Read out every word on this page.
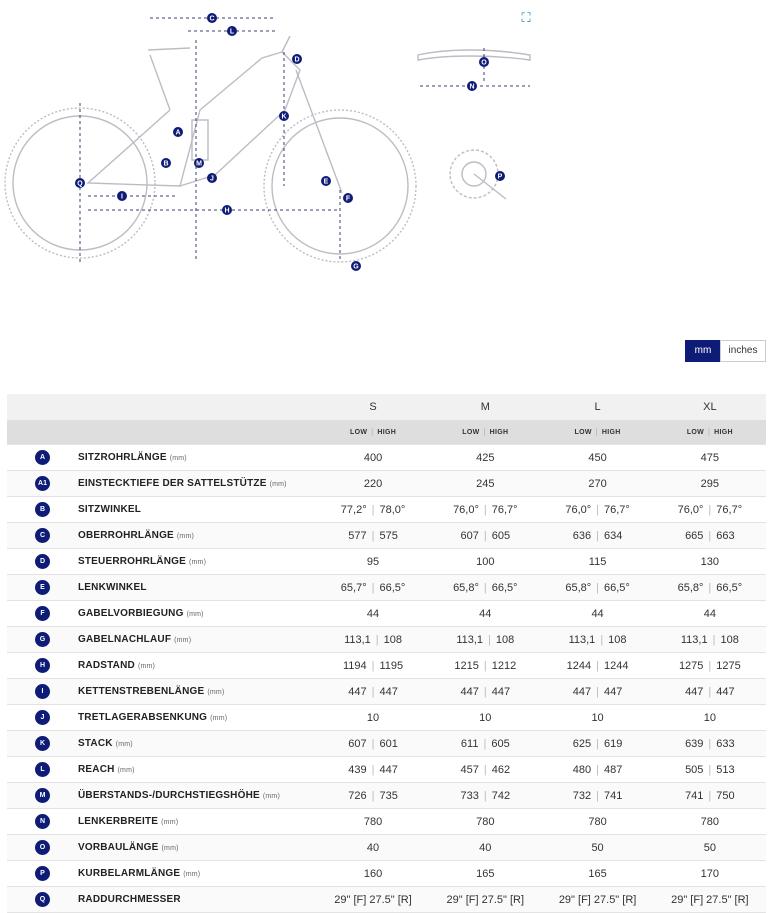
A
B
C
D
E
F
G
H
I
J
K
L
M
N
O
P
Q
⛶
mm	inches
		S	M	L	XL
		LOW | HIGH	LOW | HIGH	LOW | HIGH	LOW | HIGH
A	SITZROHRLÄNGE (mm)	400	425	450	475
A1	EINSTECKTIEFE DER SATTELSTÜTZE (mm)	220	245	270	295
B	SITZWINKEL	77,2° | 78,0°	76,0° | 76,7°	76,0° | 76,7°	76,0° | 76,7°
C	OBERROHRLÄNGE (mm)	577 | 575	607 | 605	636 | 634	665 | 663
D	STEUERROHRLÄNGE (mm)	95	100	115	130
E	LENKWINKEL	65,7° | 66,5°	65,8° | 66,5°	65,8° | 66,5°	65,8° | 66,5°
F	GABELVORBIEGUNG (mm)	44	44	44	44
G	GABELNACHLAUF (mm)	113,1 | 108	113,1 | 108	113,1 | 108	113,1 | 108
H	RADSTAND (mm)	1194 | 1195	1215 | 1212	1244 | 1244	1275 | 1275
I	KETTENSTREBENLÄNGE (mm)	447 | 447	447 | 447	447 | 447	447 | 447
J	TRETLAGERABSENKUNG (mm)	10	10	10	10
K	STACK (mm)	607 | 601	611 | 605	625 | 619	639 | 633
L	REACH (mm)	439 | 447	457 | 462	480 | 487	505 | 513
M	ÜBERSTANDS-/DURCHSTIEGSHÖHE (mm)	726 | 735	733 | 742	732 | 741	741 | 750
N	LENKERBREITE (mm)	780	780	780	780
O	VORBAULÄNGE (mm)	40	40	50	50
P	KURBELARMLÄNGE (mm)	160	165	165	170
Q	RADDURCHMESSER	29" [F] 27.5" [R]	29" [F] 27.5" [R]	29" [F] 27.5" [R]	29" [F] 27.5" [R]
